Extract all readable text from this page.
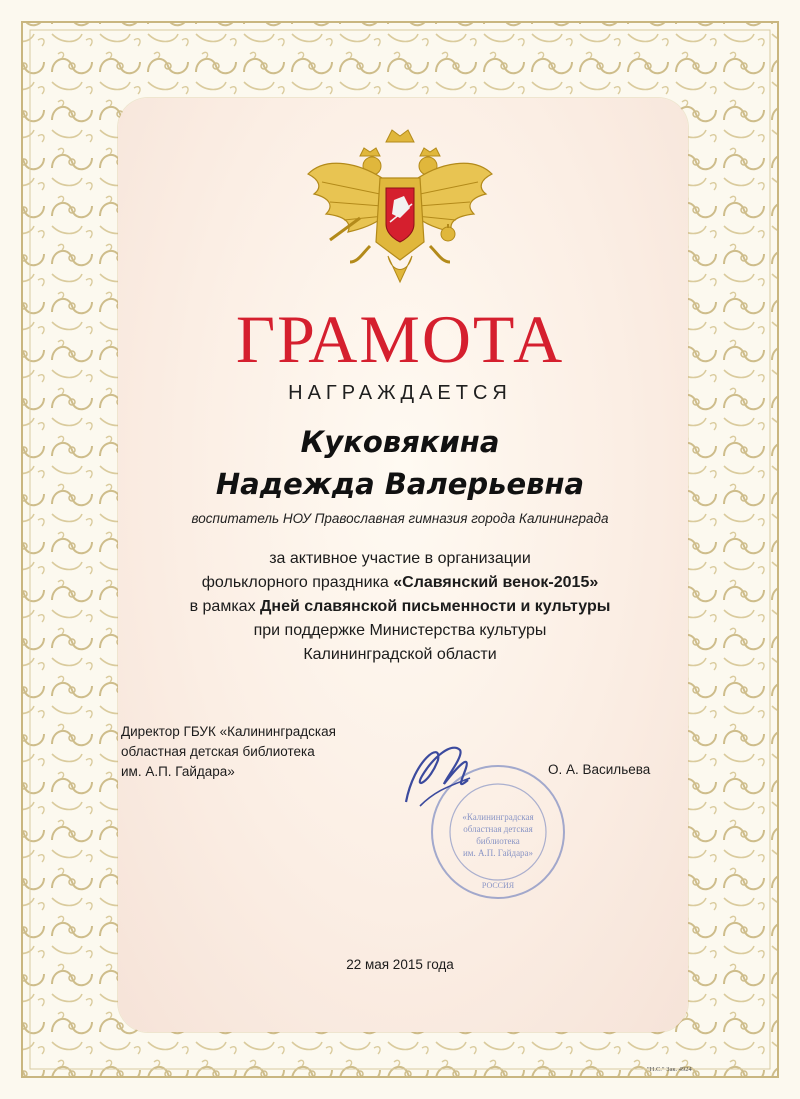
ГРАМОТА
НАГРАЖДАЕТСЯ
Куковякина
Надежда Валерьевна
воспитатель НОУ Православная гимназия города Калининграда
за активное участие в организации
фольклорного праздника «Славянский венок-2015»
в рамках Дней славянской письменности и культуры
при поддержке Министерства культуры
Калининградской области
Директор ГБУК «Калининградская
областная детская библиотека
им. А.П. Гайдара»
«Калининградская
областная детская
библиотека
им. А.П. Гайдара»
РОССИЯ
О. А. Васильева
22 мая 2015 года
"Н.С." Зак. 4924
